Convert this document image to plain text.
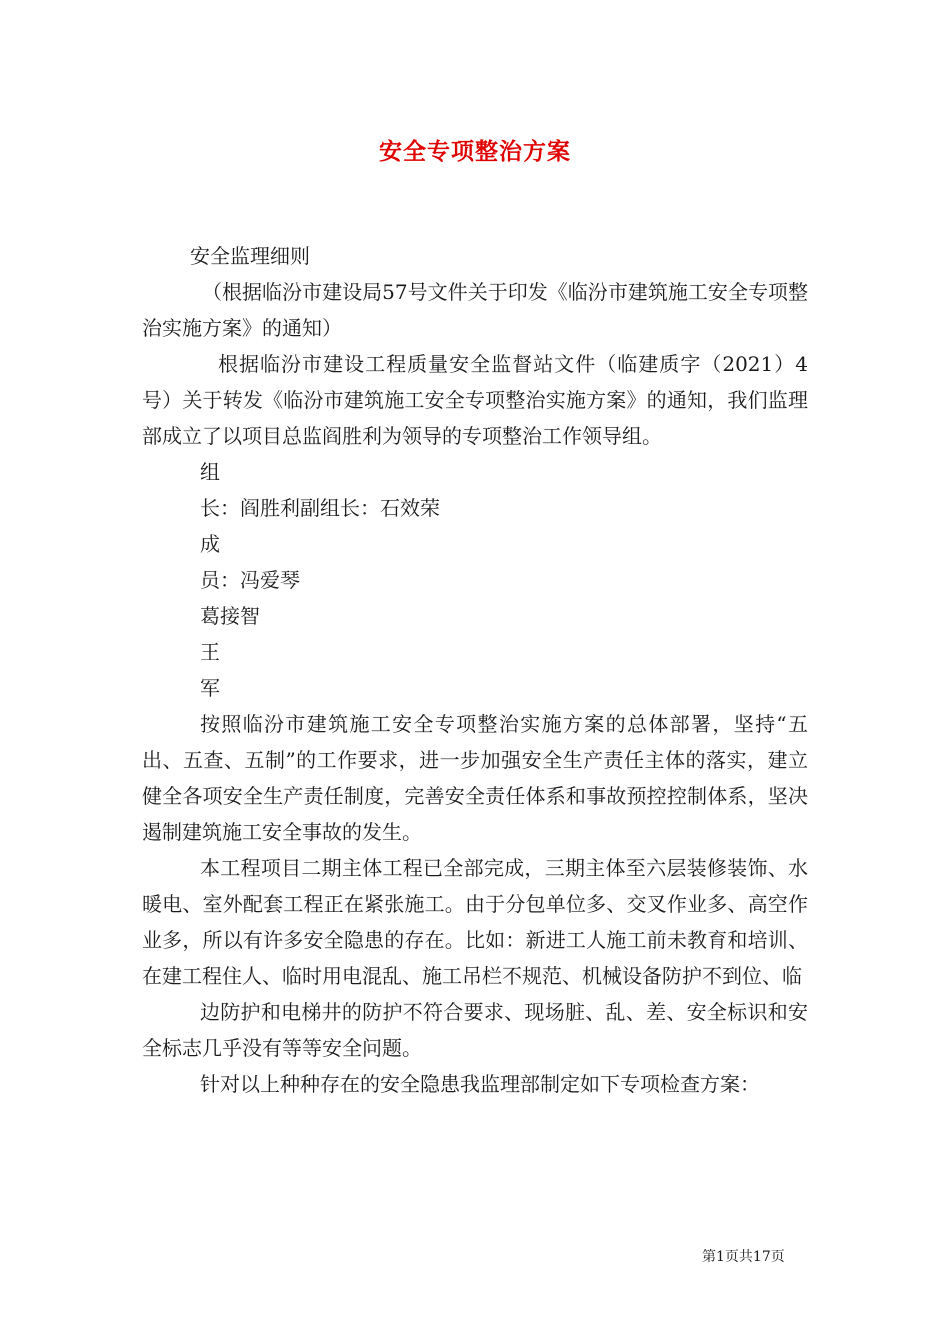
安全专项整治方案

安全监理细则

（根据临汾市建设局57号文件关于印发《临汾市建筑施工安全专项整治实施方案》的通知）

根据临汾市建设工程质量安全监督站文件（临建质字（2021）4号）关于转发《临汾市建筑施工安全专项整治实施方案》的通知，我们监理部成立了以项目总监阎胜利为领导的专项整治工作领导组。

组
长：阎胜利副组长：石效荣
成
员：冯爱琴
葛接智
王
军

按照临汾市建筑施工安全专项整治实施方案的总体部署，坚持“五出、五查、五制”的工作要求，进一步加强安全生产责任主体的落实，建立健全各项安全生产责任制度，完善安全责任体系和事故预控控制体系，坚决遏制建筑施工安全事故的发生。

本工程项目二期主体工程已全部完成，三期主体至六层装修装饰、水暖电、室外配套工程正在紧张施工。由于分包单位多、交叉作业多、高空作业多，所以有许多安全隐患的存在。比如：新进工人施工前未教育和培训、在建工程住人、临时用电混乱、施工吊栏不规范、机械设备防护不到位、临

边防护和电梯井的防护不符合要求、现场脏、乱、差、安全标识和安全标志几乎没有等等安全问题。

针对以上种种存在的安全隐患我监理部制定如下专项检查方案：

第1页共17页
